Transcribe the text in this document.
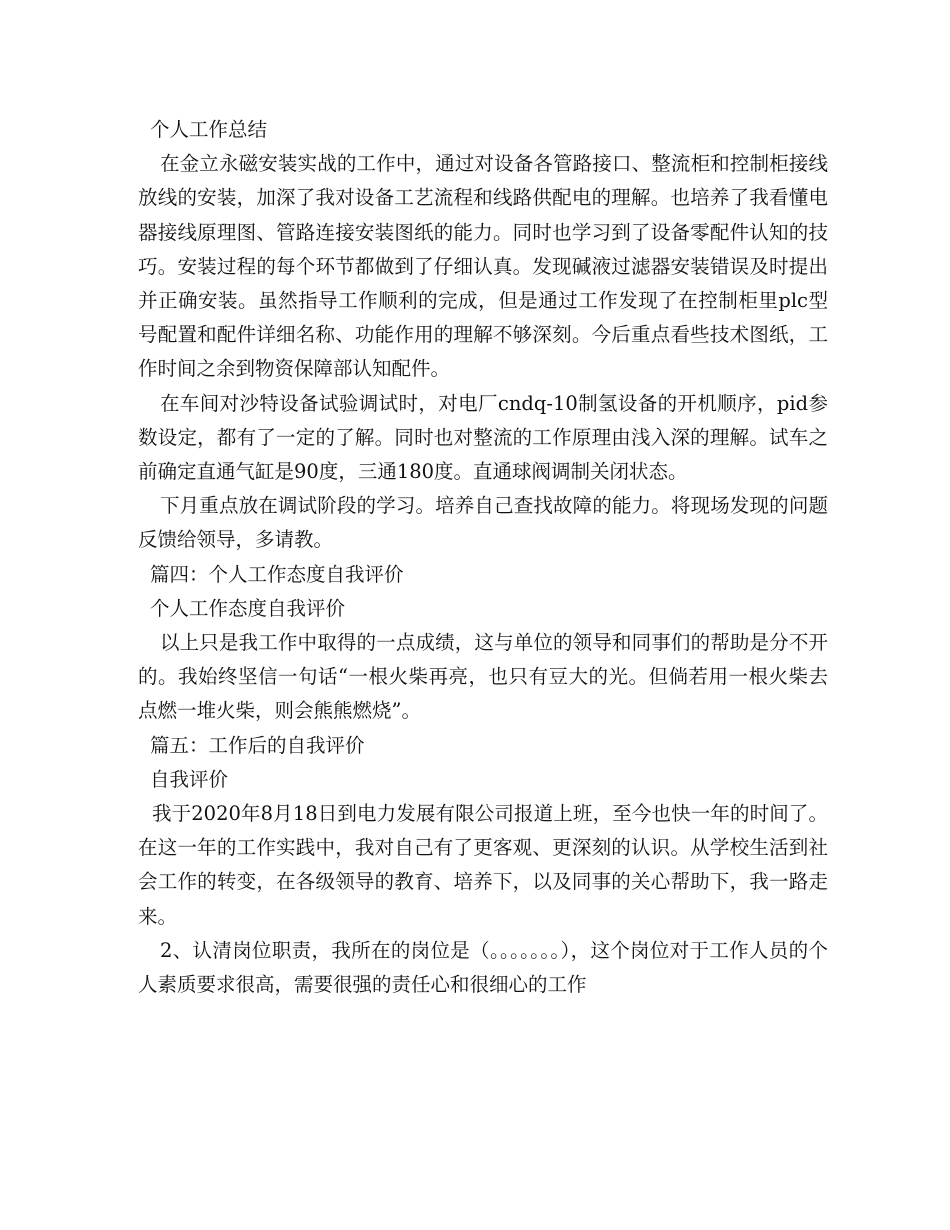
个人工作总结

在金立永磁安装实战的工作中，通过对设备各管路接口、整流柜和控制柜接线放线的安装，加深了我对设备工艺流程和线路供配电的理解。也培养了我看懂电器接线原理图、管路连接安装图纸的能力。同时也学习到了设备零配件认知的技巧。安装过程的每个环节都做到了仔细认真。发现碱液过滤器安装错误及时提出并正确安装。虽然指导工作顺利的完成，但是通过工作发现了在控制柜里plc型号配置和配件详细名称、功能作用的理解不够深刻。今后重点看些技术图纸，工作时间之余到物资保障部认知配件。

在车间对沙特设备试验调试时，对电厂cndq-10制氢设备的开机顺序，pid参数设定，都有了一定的了解。同时也对整流的工作原理由浅入深的理解。试车之前确定直通气缸是90度，三通180度。直通球阀调制关闭状态。

下月重点放在调试阶段的学习。培养自己查找故障的能力。将现场发现的问题反馈给领导，多请教。

篇四：个人工作态度自我评价

个人工作态度自我评价

以上只是我工作中取得的一点成绩，这与单位的领导和同事们的帮助是分不开的。我始终坚信一句话“一根火柴再亮，也只有豆大的光。但倘若用一根火柴去点燃一堆火柴，则会熊熊燃烧”。

篇五：工作后的自我评价

自我评价

我于2020年8月18日到电力发展有限公司报道上班，至今也快一年的时间了。在这一年的工作实践中，我对自己有了更客观、更深刻的认识。从学校生活到社会工作的转变，在各级领导的教育、培养下，以及同事的关心帮助下，我一路走来。

2、认清岗位职责，我所在的岗位是（。。。。。。。），这个岗位对于工作人员的个人素质要求很高，需要很强的责任心和很细心的工作
